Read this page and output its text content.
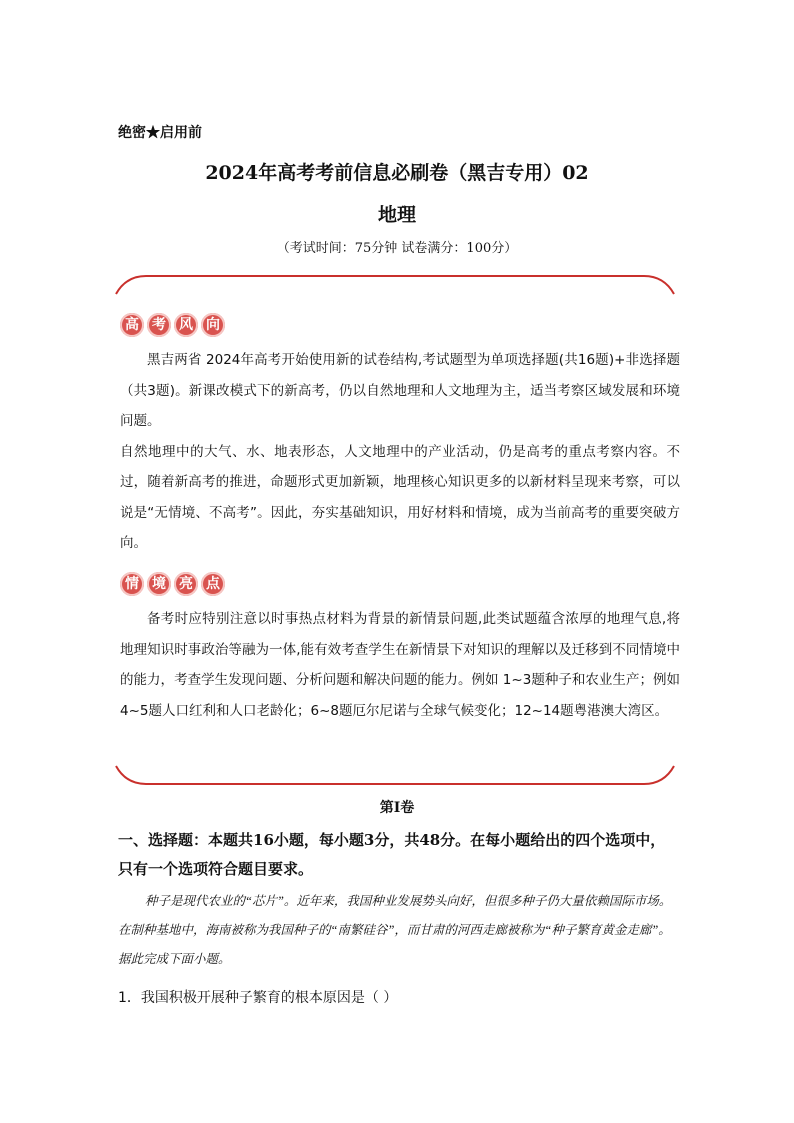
绝密★启用前
2024年高考考前信息必刷卷（黑吉专用）02
地理
（考试时间：75分钟 试卷满分：100分）
高 考 风 向

黑吉两省 2024年高考开始使用新的试卷结构,考试题型为单项选择题(共16题)+非选择题（共3题)。新课改模式下的新高考，仍以自然地理和人文地理为主，适当考察区域发展和环境问题。

自然地理中的大气、水、地表形态，人文地理中的产业活动，仍是高考的重点考察内容。不过，随着新高考的推进，命题形式更加新颖，地理核心知识更多的以新材料呈现来考察，可以说是“无情境、不高考”。因此，夯实基础知识，用好材料和情境，成为当前高考的重要突破方向。

情 境 亮 点

备考时应特别注意以时事热点材料为背景的新情景问题,此类试题蕴含浓厚的地理气息,将地理知识时事政治等融为一体,能有效考查学生在新情景下对知识的理解以及迁移到不同情境中的能力，考查学生发现问题、分析问题和解决问题的能力。例如 1~3题种子和农业生产；例如4~5题人口红利和人口老龄化；6~8题厄尔尼诺与全球气候变化；12~14题粤港澳大湾区。

第Ⅰ卷
一、选择题：本题共16小题，每小题3分，共48分。在每小题给出的四个选项中，只有一个选项符合题目要求。

种子是现代农业的“芯片”。近年来，我国种业发展势头向好，但很多种子仍大量依赖国际市场。在制种基地中，海南被称为我国种子的“南繁硅谷”，而甘肃的河西走廊被称为“种子繁育黄金走廊”。据此完成下面小题。

1．我国积极开展种子繁育的根本原因是（ ）
